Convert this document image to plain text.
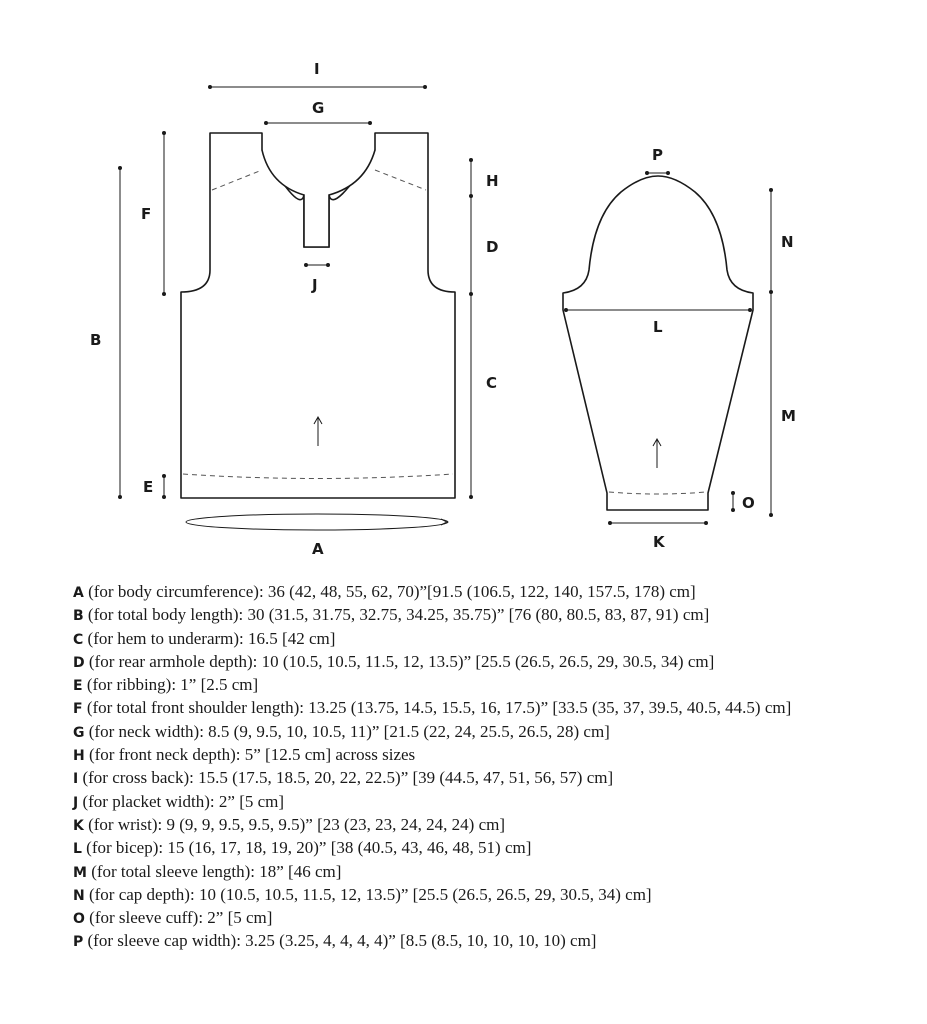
I
G
F
B
E
J
H
D
C
A
P
L
N
M
O
K
A (for body circumference): 36 (42, 48, 55, 62, 70)”[91.5 (106.5, 122, 140, 157.5, 178) cm]
B (for total body length): 30 (31.5, 31.75, 32.75, 34.25, 35.75)” [76 (80, 80.5, 83, 87, 91) cm]
C (for hem to underarm): 16.5 [42 cm]
D (for rear armhole depth): 10 (10.5, 10.5, 11.5, 12, 13.5)” [25.5 (26.5, 26.5, 29, 30.5, 34) cm]
E (for ribbing): 1” [2.5 cm]
F (for total front shoulder length): 13.25 (13.75, 14.5, 15.5, 16, 17.5)” [33.5 (35, 37, 39.5, 40.5, 44.5) cm]
G (for neck width): 8.5 (9, 9.5, 10, 10.5, 11)” [21.5 (22, 24, 25.5, 26.5, 28) cm]
H (for front neck depth): 5” [12.5 cm] across sizes
I (for cross back): 15.5 (17.5, 18.5, 20, 22, 22.5)” [39 (44.5, 47, 51, 56, 57) cm]
J (for placket width): 2” [5 cm]
K (for wrist): 9 (9, 9, 9.5, 9.5, 9.5)” [23 (23, 23, 24, 24, 24) cm]
L (for bicep): 15 (16, 17, 18, 19, 20)” [38 (40.5, 43, 46, 48, 51) cm]
M (for total sleeve length): 18” [46 cm]
N (for cap depth): 10 (10.5, 10.5, 11.5, 12, 13.5)” [25.5 (26.5, 26.5, 29, 30.5, 34) cm]
O (for sleeve cuff): 2” [5 cm]
P (for sleeve cap width): 3.25 (3.25, 4, 4, 4, 4)” [8.5 (8.5, 10, 10, 10, 10) cm]
